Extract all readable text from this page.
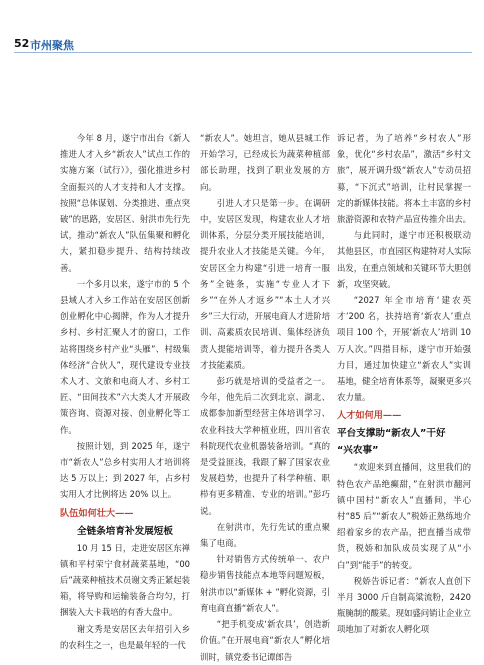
52 市州聚焦

今年 8 月，遂宁市出台《新人推进人才入乡“新农人”试点工作的实施方案（试行）》，强化推进乡村全面振兴的人才支持和人才支撑。按照“总体谋划、分类推进、重点突破”的思路，安居区、射洪市先行先试，推动“新农人”队伍集聚和孵化大，紧扣稳步提升、结构持续改善。

一个多月以来，遂宁市的 5 个县域人才入乡工作站在安居区创新创业孵化中心揭牌，作为人才提升乡村、乡村汇聚人才的窗口，工作站将围绕乡村产业“头雁”、村级集体经济“合伙人”，现代建设专业技术人才、文旅和电商人才、乡村工匠、“田间技术”六大类人才开展政策咨询、资源对接、创业孵化等工作。

按照计划，到 2025 年，遂宁市“新农人”总乡村实用人才培训将达 5 万以上；到 2027 年，占乡村实用人才比例将达 20% 以上。

队伍如何壮大——
全链条培育补发展短板

10 月 15 日，走进安居区东禅镇和平村荣宁食材蔬菜基地，“00 后”蔬菜种植技术员谢文秀正紧起装箱，将导购和运输装备合均匀，打捆装入大卡栽培的有香大盘中。

谢文秀是安居区去年招引入乡的农科生之一，也是最年轻的一代

“新农人”。她坦言，她从县城工作开始学习，已经成长为蔬菜种植部部长助理，找到了职业发展的方向。

引进人才只是第一步。在调研中，安居区发现，构建农业人才培训体系，分层分类开展技能培训，提升农业人才技能是关键。今年，安居区全力构建“引进一培育一服务”全链条，实施“专业人才下乡”“在外人才返乡”“本土人才兴乡”三大行动，开展电商人才进阶培训、高素质农民培训、集体经济负责人提能培训等，着力提升各类人才技能素质。

彭巧就是培训的受益者之一。今年，他先后二次到北京、湖北、成都参加新型经营主体培训学习、农业科技大学种植业班，四川省农科院现代农业机器装备培训。“真的是受益匪浅，我跟了解了国家农业发展趋势，也提升了科学种植、职栉有更多精准、专业的培训。”彭巧说。

在射洪市，先行先试的重点聚集了电商。

针对销售方式传统单一、农户稳步销售技能点本地等问题短板，射洪市以“新媒体 + ”孵化资源，引育电商直播“新农人”。

“把手机变成‘新农具’，创造新价值。”在开展电商“新农人”孵化培训时，镇党委书记谭郎告

诉记者，为了培养“乡村农人”形象，优化“乡村农品”，激活“乡村文旅”，展开调升级“新农人”专动员招募，“下沉式”培训，让村民掌握一定的新媒体技能。将本土丰富的乡村旅游资源和农特产品宣传推介出去。

与此同时，遂宁市还积极联动其他县区，市直园区构建特对人实际出发，在重点领域和关键环节大胆创新，攻坚突破。

“2027 年全市培育‘建农英才’200 名，扶持培育‘新农人’重点项目 100 个，开展‘新农人’培训 10 万人次。”四措目标，遂宁市开始强力目，通过加快建立“新农人”实训基地，健全培育体系等，凝聚更多兴农力量。

人才如何用——
平台支撑助“新农人”干好
“兴农事”

“欢迎来到直播间，这里我们的特色农产品绝癫甜，”在射洪市翻河镇中国村“新农人”直播间，半心村“85 后”“新农人”税娇正熟练地介绍着家乡的农产品，把直播当成带货，税娇和加队成员实现了从“小白”到“能手”的转变。

税娇告诉记者：“新农人直创下半月 3000 斤自制高粱流粉，2420 瓶腌制的酸菜。现如盛问销让企业立项地加了对新农人孵化项
